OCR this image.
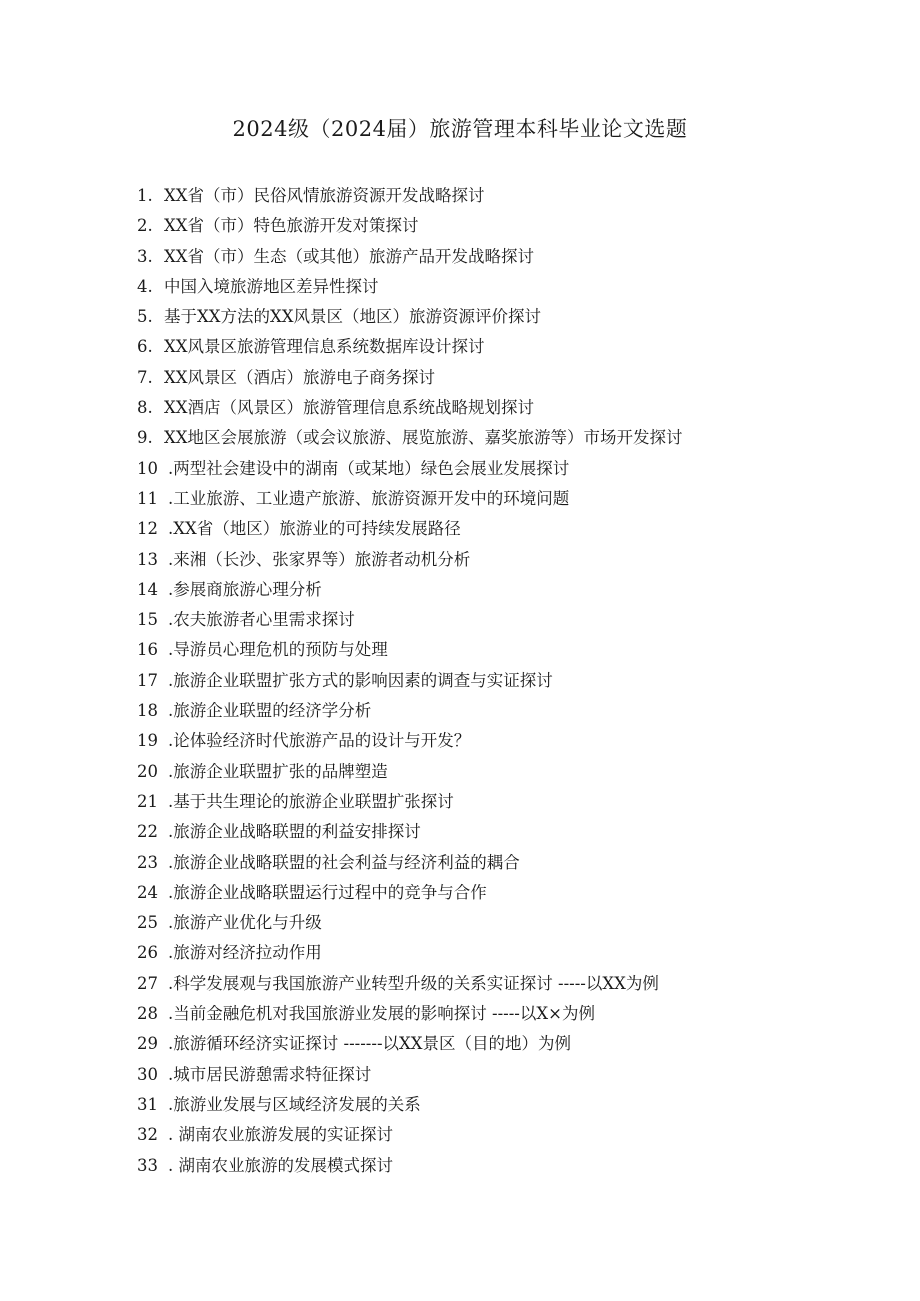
2024级（2024届）旅游管理本科毕业论文选题
1. XX省（市）民俗风情旅游资源开发战略探讨
2. XX省（市）特色旅游开发对策探讨
3. XX省（市）生态（或其他）旅游产品开发战略探讨
4. 中国入境旅游地区差异性探讨
5. 基于XX方法的XX风景区（地区）旅游资源评价探讨
6. XX风景区旅游管理信息系统数据库设计探讨
7. XX风景区（酒店）旅游电子商务探讨
8. XX酒店（风景区）旅游管理信息系统战略规划探讨
9. XX地区会展旅游（或会议旅游、展览旅游、嘉奖旅游等）市场开发探讨
10 .两型社会建设中的湖南（或某地）绿色会展业发展探讨
11 .工业旅游、工业遗产旅游、旅游资源开发中的环境问题
12 .XX省（地区）旅游业的可持续发展路径
13 .来湘（长沙、张家界等）旅游者动机分析
14 .参展商旅游心理分析
15 .农夫旅游者心里需求探讨
16 .导游员心理危机的预防与处理
17 .旅游企业联盟扩张方式的影响因素的调查与实证探讨
18 .旅游企业联盟的经济学分析
19 .论体验经济时代旅游产品的设计与开发？
20 .旅游企业联盟扩张的品牌塑造
21 .基于共生理论的旅游企业联盟扩张探讨
22 .旅游企业战略联盟的利益安排探讨
23 .旅游企业战略联盟的社会利益与经济利益的耦合
24 .旅游企业战略联盟运行过程中的竞争与合作
25 .旅游产业优化与升级
26 .旅游对经济拉动作用
27 .科学发展观与我国旅游产业转型升级的关系实证探讨 -----以XX为例
28 .当前金融危机对我国旅游业发展的影响探讨 -----以X×为例
29 .旅游循环经济实证探讨 -------以XX景区（目的地）为例
30 .城市居民游憩需求特征探讨
31 .旅游业发展与区域经济发展的关系
32 . 湖南农业旅游发展的实证探讨
33 . 湖南农业旅游的发展模式探讨
